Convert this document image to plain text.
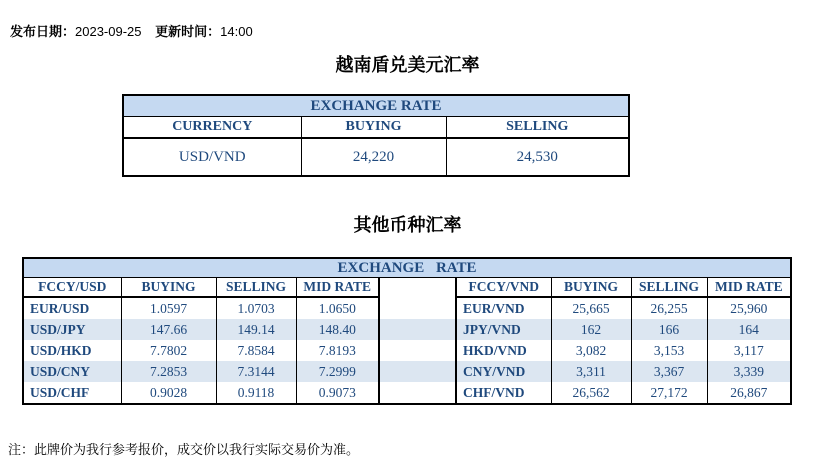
发布日期：2023-09-25 更新时间：14:00
越南盾兑美元汇率
EXCHANGE RATE		
CURRENCY	BUYING	SELLING
USD/VND	24,220	24,530
其他币种汇率
EXCHANGE RATE								
FCCY/USD	BUYING	SELLING	MID RATE		FCCY/VND	BUYING	SELLING	MID RATE
EUR/USD	1.0597	1.0703	1.0650		EUR/VND	25,665	26,255	25,960
USD/JPY	147.66	149.14	148.40		JPY/VND	162	166	164
USD/HKD	7.7802	7.8584	7.8193		HKD/VND	3,082	3,153	3,117
USD/CNY	7.2853	7.3144	7.2999		CNY/VND	3,311	3,367	3,339
USD/CHF	0.9028	0.9118	0.9073		CHF/VND	26,562	27,172	26,867
注：此牌价为我行参考报价，成交价以我行实际交易价为准。
